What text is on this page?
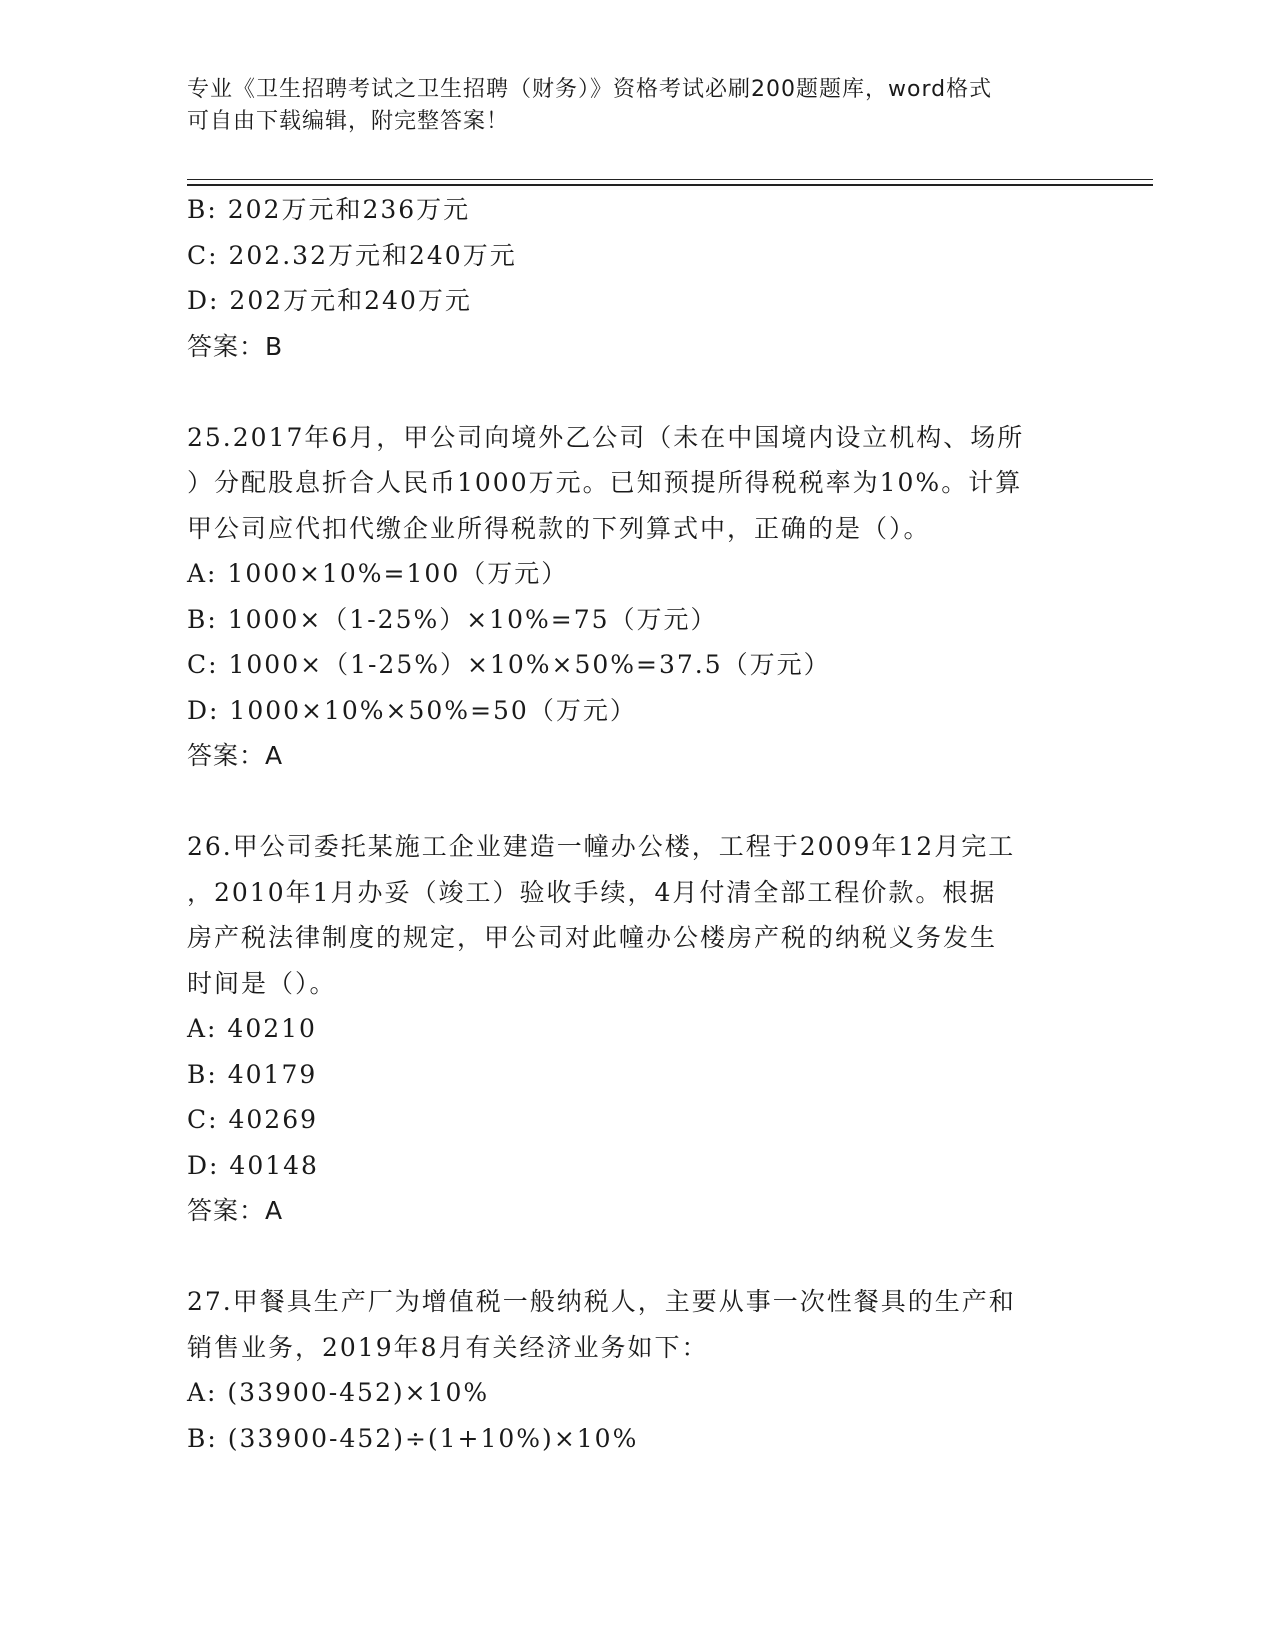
专业《卫生招聘考试之卫生招聘（财务）》资格考试必刷200题题库，word格式
可自由下载编辑，附完整答案！
B: 202万元和236万元
C: 202.32万元和240万元
D: 202万元和240万元
答案：B
25.2017年6月，甲公司向境外乙公司（未在中国境内设立机构、场所
）分配股息折合人民币1000万元。已知预提所得税税率为10%。计算
甲公司应代扣代缴企业所得税款的下列算式中，正确的是（）。
A: 1000×10%=100（万元）
B: 1000×（1-25%）×10%=75（万元）
C: 1000×（1-25%）×10%×50%=37.5（万元）
D: 1000×10%×50%=50（万元）
答案：A
26.甲公司委托某施工企业建造一幢办公楼，工程于2009年12月完工
，2010年1月办妥（竣工）验收手续，4月付清全部工程价款。根据
房产税法律制度的规定，甲公司对此幢办公楼房产税的纳税义务发生
时间是（）。
A: 40210
B: 40179
C: 40269
D: 40148
答案：A
27.甲餐具生产厂为增值税一般纳税人，主要从事一次性餐具的生产和
销售业务，2019年8月有关经济业务如下：
A: (33900-452)×10%
B: (33900-452)÷(1+10%)×10%
